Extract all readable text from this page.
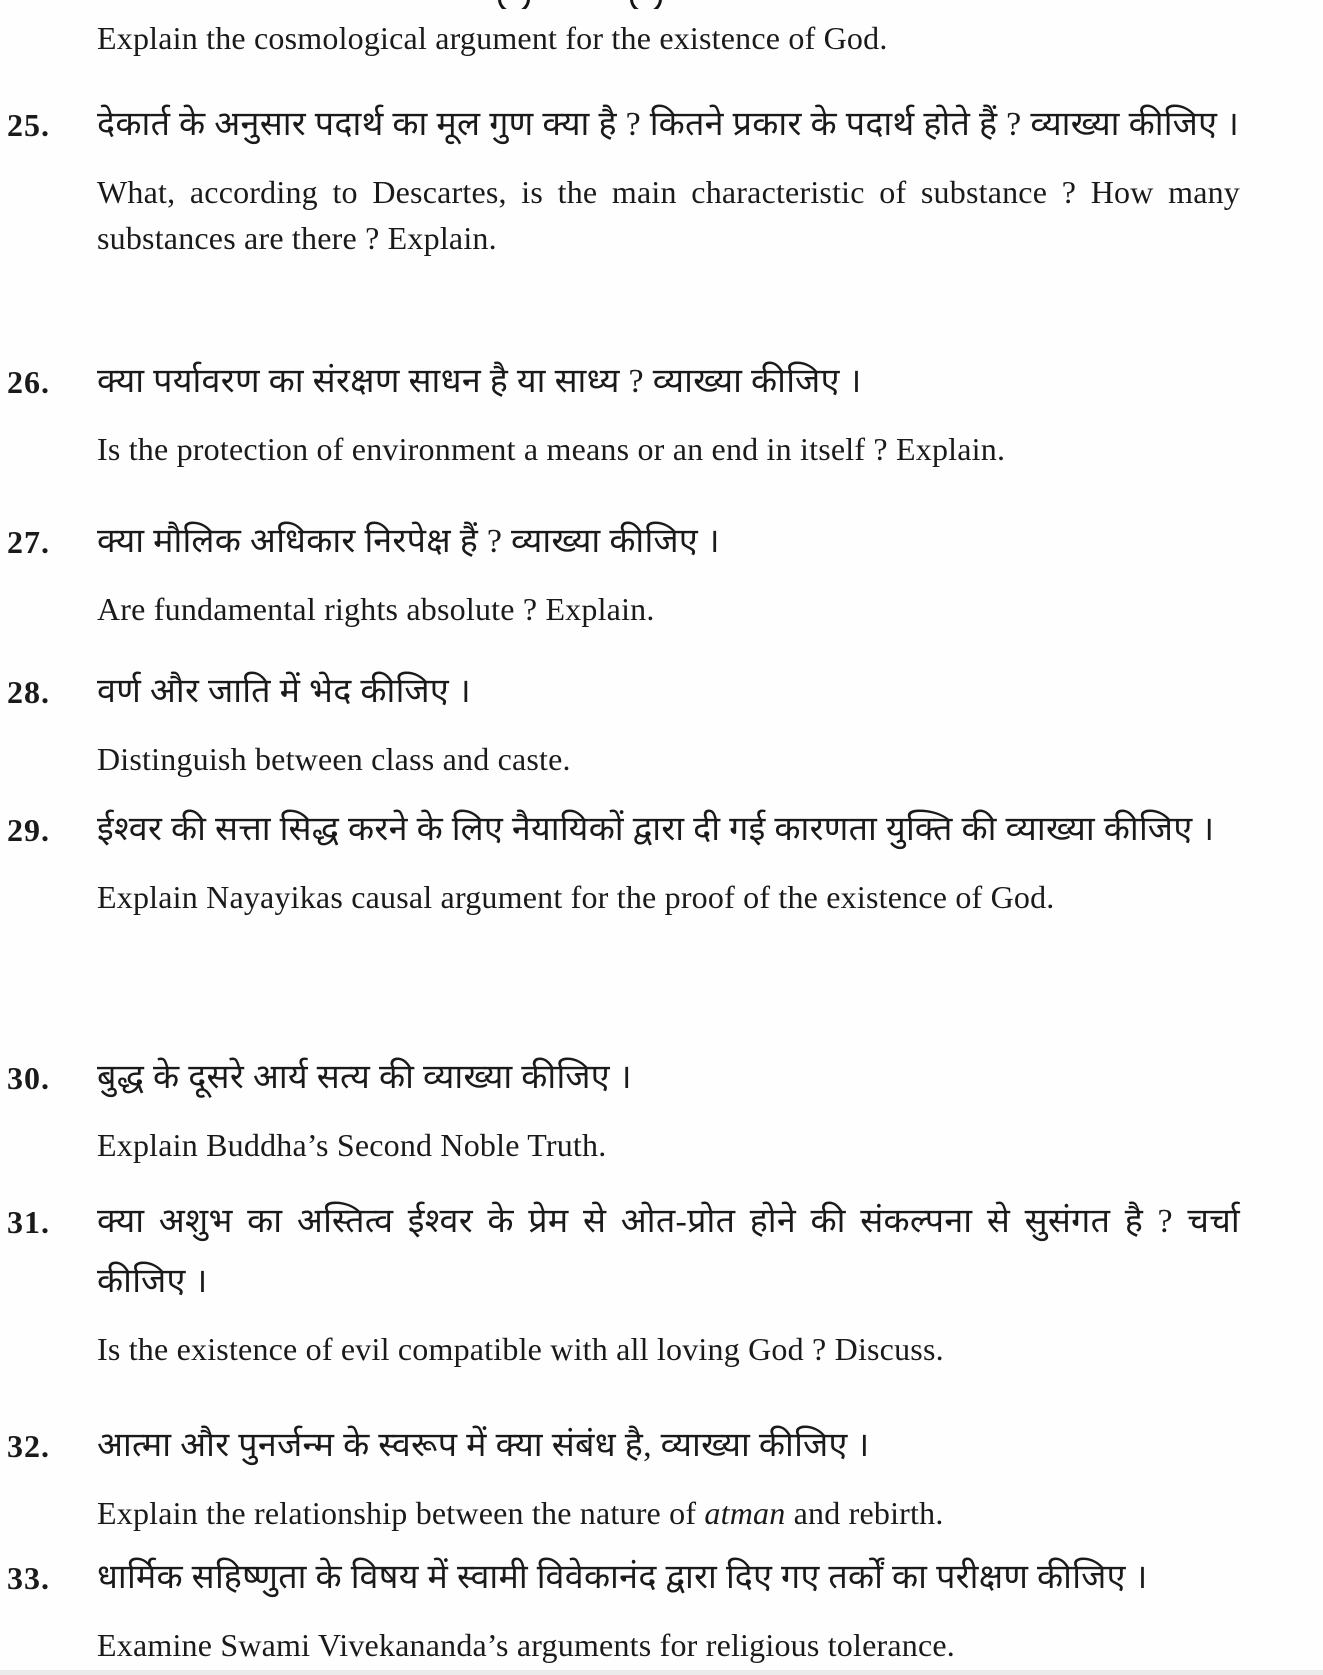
Explain the cosmological argument for the existence of God.
25. देकार्त के अनुसार पदार्थ का मूल गुण क्या है ? कितने प्रकार के पदार्थ होते हैं ? व्याख्या कीजिए ।

What, according to Descartes, is the main characteristic of substance ? How many substances are there ? Explain.

26. क्या पर्यावरण का संरक्षण साधन है या साध्य ? व्याख्या कीजिए ।

Is the protection of environment a means or an end in itself ? Explain.

27. क्या मौलिक अधिकार निरपेक्ष हैं ? व्याख्या कीजिए ।

Are fundamental rights absolute ? Explain.

28. वर्ण और जाति में भेद कीजिए ।

Distinguish between class and caste.

29. ईश्वर की सत्ता सिद्ध करने के लिए नैयायिकों द्वारा दी गई कारणता युक्ति की व्याख्या कीजिए ।

Explain Nayayikas causal argument for the proof of the existence of God.

30. बुद्ध के दूसरे आर्य सत्य की व्याख्या कीजिए ।

Explain Buddha’s Second Noble Truth.

31. क्या अशुभ का अस्तित्व ईश्वर के प्रेम से ओत-प्रोत होने की संकल्पना से सुसंगत है ? चर्चा कीजिए ।

Is the existence of evil compatible with all loving God ? Discuss.

32. आत्मा और पुनर्जन्म के स्वरूप में क्या संबंध है, व्याख्या कीजिए ।

Explain the relationship between the nature of atman and rebirth.

33. धार्मिक सहिष्णुता के विषय में स्वामी विवेकानंद द्वारा दिए गए तर्कों का परीक्षण कीजिए ।

Examine Swami Vivekananda’s arguments for religious tolerance.
